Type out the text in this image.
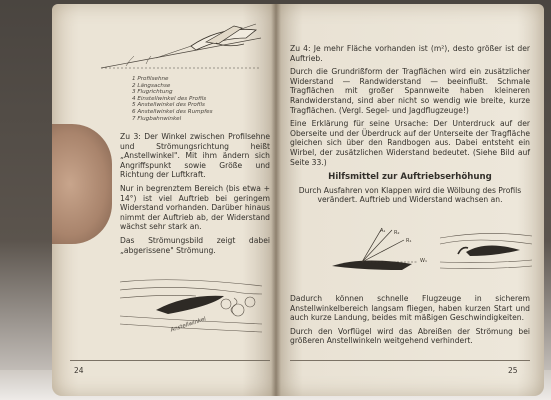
1 Profilsehne
2 Längsachse
3 Flugrichtung
4 Einstellwinkel des Profils
5 Anstellwinkel des Profils
6 Anstellwinkel des Rumpfes
7 Flugbahnwinkel

Zu 3: Der Winkel zwischen Profilsehne und Strömungsrichtung heißt „Anstellwinkel". Mit ihm ändern sich Angriffspunkt sowie Größe und Richtung der Luftkraft.

Nur in begrenztem Bereich (bis etwa + 14°) ist viel Auftrieb bei geringem Widerstand vorhanden. Darüber hinaus nimmt der Auftrieb ab, der Widerstand wächst sehr stark an.

Das Strömungsbild zeigt dabei „abgerissene" Strömung.

Anstellwinkel
24

Zu 4: Je mehr Fläche vorhanden ist (m²), desto größer ist der Auftrieb.

Durch die Grundrißform der Tragflächen wird ein zusätzlicher Widerstand — Randwiderstand — beeinflußt. Schmale Tragflächen mit großer Spannweite haben kleineren Randwiderstand, sind aber nicht so wendig wie breite, kurze Tragflächen. (Vergl. Segel- und Jagdflugzeuge!)

Eine Erklärung für seine Ursache: Der Unterdruck auf der Oberseite und der Überdruck auf der Unterseite der Tragfläche gleichen sich über den Randbogen aus. Dabei entsteht ein Wirbel, der zusätzlichen Widerstand bedeutet. (Siehe Bild auf Seite 33.)

Hilfsmittel zur Auftriebserhöhung

Durch Ausfahren von Klappen wird die Wölbung des Profils verändert. Auftrieb und Widerstand wachsen an.

R₂
A₁
R₁
W₁

Dadurch können schnelle Flugzeuge in sicherem Anstellwinkelbereich langsam fliegen, haben kurzen Start und auch kurze Landung, beides mit mäßigen Geschwindigkeiten.

Durch den Vorflügel wird das Abreißen der Strömung bei größeren Anstellwinkeln weitgehend verhindert.

25
